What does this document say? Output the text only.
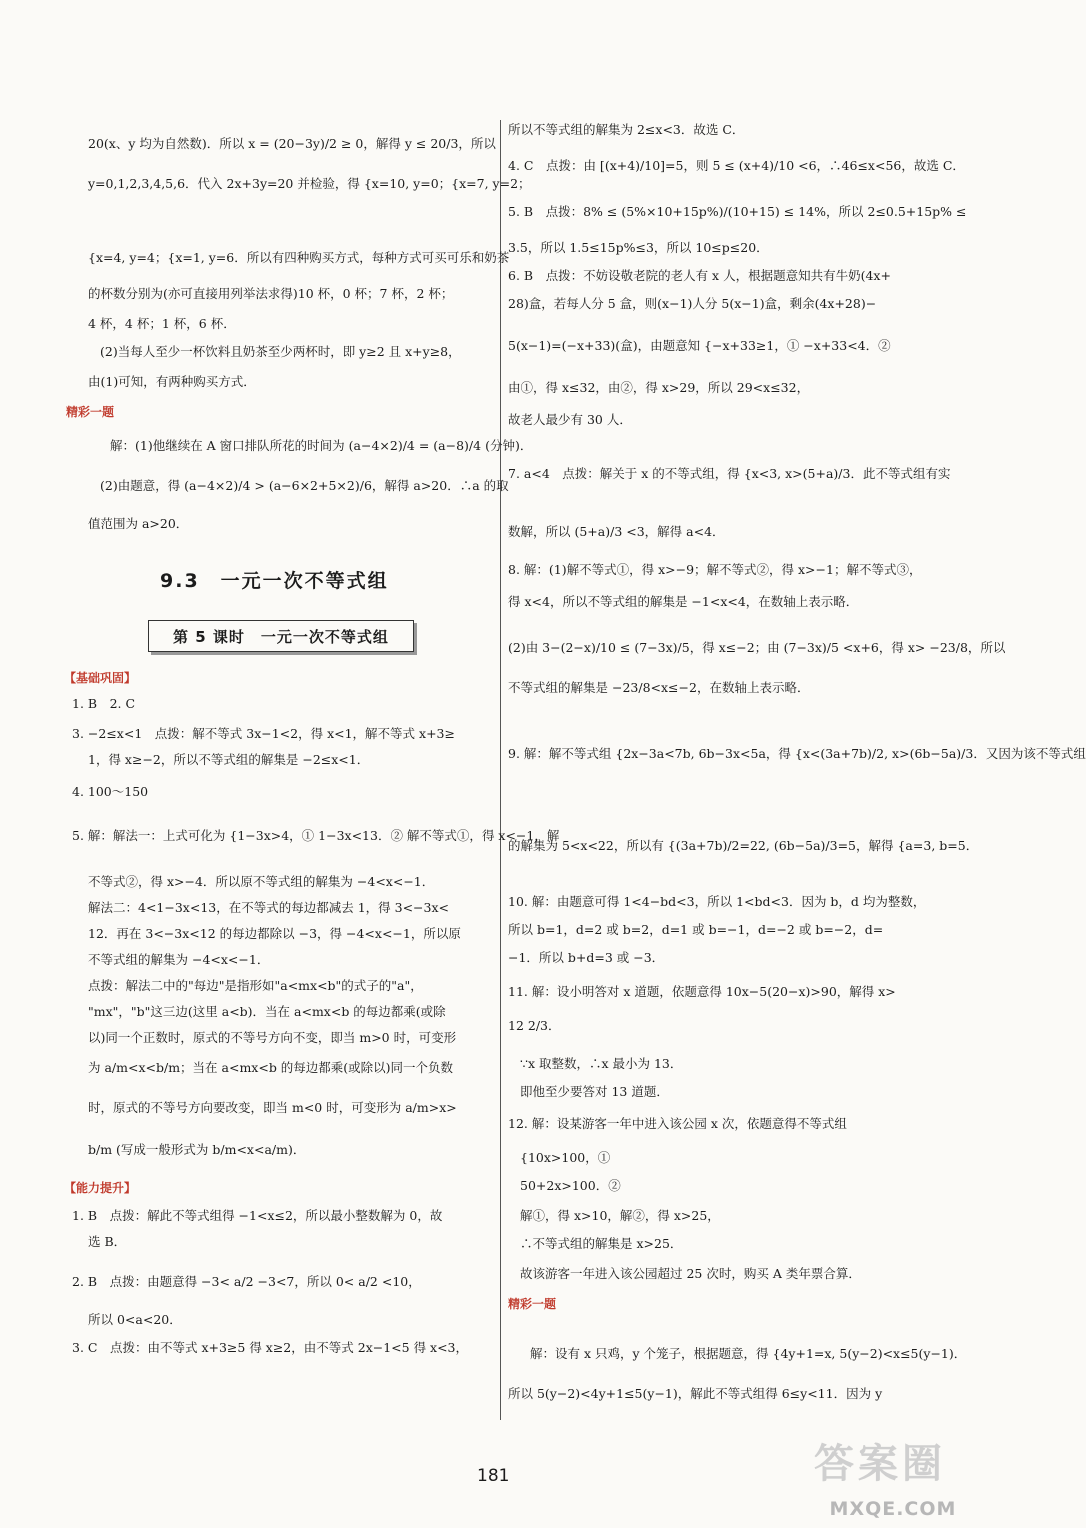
20(x、y 均为自然数)．所以 x = (20−3y)/2 ≥ 0，解得 y ≤ 20/3，所以

y=0,1,2,3,4,5,6．代入 2x+3y=20 并检验，得 {x=10, y=0；{x=7, y=2；

{x=4, y=4；{x=1, y=6．所以有四种购买方式，每种方式可买可乐和奶茶

的杯数分别为(亦可直接用列举法求得)10 杯，0 杯；7 杯，2 杯；

4 杯，4 杯；1 杯，6 杯．

(2)当每人至少一杯饮料且奶茶至少两杯时，即 y≥2 且 x+y≥8，

由(1)可知，有两种购买方式．

精彩一题

解：(1)他继续在 A 窗口排队所花的时间为 (a−4×2)/4 = (a−8)/4 (分钟)．

(2)由题意，得 (a−4×2)/4 > (a−6×2+5×2)/6，解得 a>20．∴a 的取

值范围为 a>20．

9.3　一元一次不等式组
第 5 课时　一元一次不等式组

【基础巩固】

1. B　2. C

3. −2≤x<1　点拨：解不等式 3x−1<2，得 x<1，解不等式 x+3≥

1，得 x≥−2，所以不等式组的解集是 −2≤x<1．

4. 100～150

5. 解：解法一：上式可化为 {1−3x>4，① 1−3x<13．② 解不等式①，得 x<−1，解

不等式②，得 x>−4．所以原不等式组的解集为 −4<x<−1．

解法二：4<1−3x<13，在不等式的每边都减去 1，得 3<−3x<

12．再在 3<−3x<12 的每边都除以 −3，得 −4<x<−1，所以原

不等式组的解集为 −4<x<−1．

点拨：解法二中的"每边"是指形如"a<mx<b"的式子的"a"，

"mx"，"b"这三边(这里 a<b)．当在 a<mx<b 的每边都乘(或除

以)同一个正数时，原式的不等号方向不变，即当 m>0 时，可变形

为 a/m<x<b/m；当在 a<mx<b 的每边都乘(或除以)同一个负数

时，原式的不等号方向要改变，即当 m<0 时，可变形为 a/m>x>

b/m (写成一般形式为 b/m<x<a/m)．

【能力提升】

1. B　点拨：解此不等式组得 −1<x≤2，所以最小整数解为 0，故

选 B．

2. B　点拨：由题意得 −3< a/2 −3<7，所以 0< a/2 <10，

所以 0<a<20．

3. C　点拨：由不等式 x+3≥5 得 x≥2，由不等式 2x−1<5 得 x<3，

所以不等式组的解集为 2≤x<3．故选 C．

4. C　点拨：由 [(x+4)/10]=5，则 5 ≤ (x+4)/10 <6，∴46≤x<56，故选 C．

5. B　点拨：8% ≤ (5%×10+15p%)/(10+15) ≤ 14%，所以 2≤0.5+15p% ≤

3.5，所以 1.5≤15p%≤3，所以 10≤p≤20．

6. B　点拨：不妨设敬老院的老人有 x 人，根据题意知共有牛奶(4x+

28)盒，若每人分 5 盒，则(x−1)人分 5(x−1)盒，剩余(4x+28)−

5(x−1)=(−x+33)(盒)，由题意知 {−x+33≥1，① −x+33<4．②

由①，得 x≤32，由②，得 x>29，所以 29<x≤32，

故老人最少有 30 人．

7. a<4　点拨：解关于 x 的不等式组，得 {x<3, x>(5+a)/3．此不等式组有实

数解，所以 (5+a)/3 <3，解得 a<4．

8. 解：(1)解不等式①，得 x>−9；解不等式②，得 x>−1；解不等式③，

得 x<4，所以不等式组的解集是 −1<x<4，在数轴上表示略．

(2)由 3−(2−x)/10 ≤ (7−3x)/5，得 x≤−2；由 (7−3x)/5 <x+6，得 x> −23/8，所以

不等式组的解集是 −23/8<x≤−2，在数轴上表示略．

9. 解：解不等式组 {2x−3a<7b, 6b−3x<5a，得 {x<(3a+7b)/2, x>(6b−5a)/3．又因为该不等式组

的解集为 5<x<22，所以有 {(3a+7b)/2=22, (6b−5a)/3=5，解得 {a=3, b=5．

10. 解：由题意可得 1<4−bd<3，所以 1<bd<3．因为 b，d 均为整数，

所以 b=1，d=2 或 b=2，d=1 或 b=−1，d=−2 或 b=−2，d=

−1．所以 b+d=3 或 −3．

11. 解：设小明答对 x 道题，依题意得 10x−5(20−x)>90，解得 x>

12 2/3．

∵x 取整数，∴x 最小为 13．

即他至少要答对 13 道题．

12. 解：设某游客一年中进入该公园 x 次，依题意得不等式组

{10x>100，①

50+2x>100．②

解①，得 x>10，解②，得 x>25，

∴不等式组的解集是 x>25．

故该游客一年进入该公园超过 25 次时，购买 A 类年票合算．

精彩一题

解：设有 x 只鸡，y 个笼子，根据题意，得 {4y+1=x, 5(y−2)<x≤5(y−1)．

所以 5(y−2)<4y+1≤5(y−1)，解此不等式组得 6≤y<11．因为 y

181	答案圈
MXQE.COM
